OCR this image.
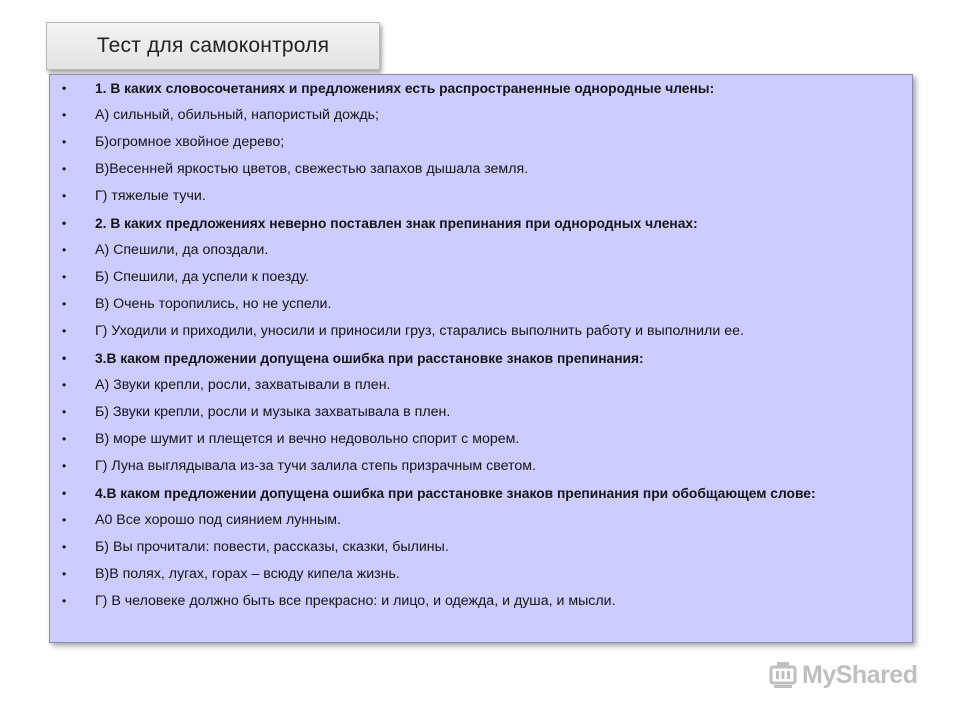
Тест для самоконтроля
• 1. В каких словосочетаниях и предложениях есть распространенные однородные члены:
• А) сильный, обильный, напористый дождь;
• Б)огромное хвойное дерево;
• В)Весенней яркостью цветов, свежестью запахов дышала земля.
• Г) тяжелые тучи.
• 2. В каких предложениях неверно поставлен знак препинания при однородных членах:
• А) Спешили, да опоздали.
• Б) Спешили, да успели к поезду.
• В) Очень торопились, но не успели.
• Г) Уходили и приходили, уносили и приносили груз, старались выполнить работу и выполнили ее.
• 3.В каком предложении допущена ошибка при расстановке знаков препинания:
• А) Звуки крепли, росли, захватывали в плен.
• Б) Звуки крепли, росли и музыка захватывала в плен.
• В) море шумит и плещется и вечно недовольно спорит с морем.
• Г) Луна выглядывала из-за тучи залила степь призрачным светом.
• 4.В каком предложении допущена ошибка при расстановке знаков препинания при обобщающем слове:
• А0 Все хорошо под сиянием лунным.
• Б) Вы прочитали: повести, рассказы, сказки, былины.
• В)В полях, лугах, горах – всюду кипела жизнь.
• Г) В человеке должно быть все прекрасно: и лицо, и одежда, и душа, и мысли.
MyShared
